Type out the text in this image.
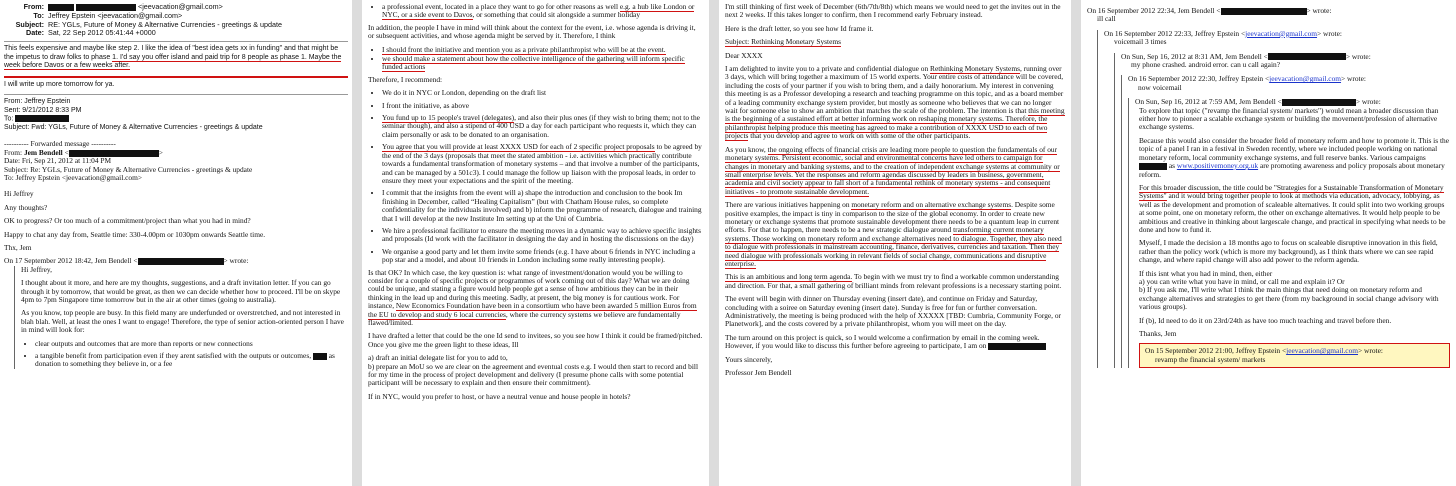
From:	<jeevacation@gmail.com>
To: Jeffrey Epstein <jeevacation@gmail.com>
Subject: RE: YGLs, Future of Money & Alternative Currencies - greetings & update
Date: Sat, 22 Sep 2012 05:41:44 +0000

This feels expensive and maybe like step 2. I like the idea of "best idea gets xx in funding" and that might be the impetus to draw folks to phase 1. I'd say you offer island and paid trip for 8 people as phase 1. Maybe the week before Davos or a few weeks after.

I will write up more tomorrow for ya.

From: Jeffrey Epstein
Sent: 9/21/2012 8:33 PM
To:
Subject: Fwd: YGLs, Future of Money & Alternative Currencies - greetings & update
---------- Forwarded message ----------
From: Jem Bendell <	>
Date: Fri, Sep 21, 2012 at 11:04 PM
Subject: Re: YGLs, Future of Money & Alternative Currencies - greetings & update
To: Jeffrey Epstein <jeevacation@gmail.com>

Hi Jeffrey

Any thoughts?

OK to progress? Or too much of a commitment/project than what you had in mind?

Happy to chat any day from, Seattle time: 330-4.00pm or 1030pm onwards Seattle time.

Thx, Jem

On 17 September 2012 18:42, Jem Bendell <	> wrote:

Hi Jeffrey,

I thought about it more, and here are my thoughts, suggestions, and a draft invitation letter. If you can go through it by tomorrow, that would be great, as then we can decide whether how to proceed. I'll be on skype 4pm to 7pm Singapore time tomorrow but in the air at other times (going to australia).

As you know, top people are busy. In this field many are underfunded or overstretched, and not interested in blah blah. Well, at least the ones I want to engage! Therefore, the type of senior action-oriented person I have in mind will look for:

• clear outputs and outcomes that are more than reports or new connections
• a tangible benefit from participation even if they arent satisfied with the outputs or outcomes, as donation to something they believe in, or a fee
• a professional event, located in a place they want to go for other reasons as well e.g. a hub like London or NYC, or a side event to Davos, or something that could sit alongside a summer holiday

In addition, the people I have in mind will think about the context for the event, i.e. whose agenda is driving it, or subsequent activities, and whose agenda might be served by it. Therefore, I think

• I should front the initiative and mention you as a private philanthropist who will be at the event.
• we should make a statement about how the collective intelligence of the gathering will inform specific funded actions

Therefore, I recommend:

• We do it in NYC or London, depending on the draft list
• I front the initiative, as above
• You fund up to 15 people's travel (delegates), and also their plus ones (if they wish to bring them; not to the seminar though), and also a stipend of 400 USD a day for each participant who requests it, which they can claim personally or ask to be donated to an organisation.
• You agree that you will provide at least XXXX USD for each of 2 specific project proposals to be agreed by the end of the 3 days (proposals that meet the stated ambition - i.e. activities which practically contribute towards a fundamental transformation of monetary systems – and that involve a number of the participants, and can be managed by a 501c3). I could manage the follow up liaison with the proposal leads, in order to ensure they meet your expectations and the spirit of the meeting.
• I commit that the insights from the event will a) shape the introduction and conclusion to the book Im finishing in December, called “Healing Capitalism” (but with Chatham House rules, so complete confidentiality for the individuals involved) and b) inform the programme of research, dialogue and training that I will develop at the new Institute Im setting up at the Uni of Cumbria.
• We hire a professional facilitator to ensure the meeting moves in a dynamic way to achieve specific insights and proposals (Id work with the facilitator in designing the day and in hosting the discussions on the day)
• We organise a good party and let them invite some friends (e.g. I have about 6 friends in NYC including a pop star and a model, and about 10 friends in London including some really interesting people).

Is that OK? In which case, the key question is: what range of investment/donation would you be willing to consider for a couple of specific projects or programmes of work coming out of this day? What we are doing could be unique, and stating a figure would help people get a sense of how ambitious they can be in their thinking in the lead up and during this meeting. Sadly, at present, the big money is for cautious work. For instance, New Economics Foundation have been in a consortium who have been awarded 5 million Euros from the EU to develop and study 6 local currencies, where the currency systems we believe are fundamentally flawed/limited.

I have drafted a letter that could be the one Id send to invitees, so you see how I think it could be framed/pitched. Once you give me the green light to these ideas, Ill

a) draft an initial delegate list for you to add to,

b) prepare an MoU so we are clear on the agreement and eventual costs e.g. I would then start to record and bill for my time in the process of project development and delivery (I presume phone calls with some potential participant will be necessary to explain and then ensure their commitment).

If in NYC, would you prefer to host, or have a neutral venue and house people in hotels?

I'm still thinking of first week of December (6th/7th/8th) which means we would need to get the invites out in the next 2 weeks. If this takes longer to confirm, then I recommend early February instead.

Here is the draft letter, so you see how Id frame it.

Subject: Rethinking Monetary Systems

Dear XXXX

I am delighted to invite you to a private and confidential dialogue on Rethinking Monetary Systems, running over 3 days, which will bring together a maximum of 15 world experts. Your entire costs of attendance will be covered, including the costs of your partner if you wish to bring them, and a daily honorarium. My interest in convening this meeting is as a Professor developing a research and teaching programme on this topic, and as a board member of a leading community exchange system provider, but mostly as someone who believes that we can no longer wait for someone else to show an ambition that matches the scale of the problem. The intention is that this meeting is the beginning of a sustained effort at better informing work on reshaping monetary systems. Therefore, the philanthropist helping produce this meeting has agreed to make a contribution of XXXX USD to each of two projects that you develop and agree to work on with some of the other participants.

As you know, the ongoing effects of financial crisis are leading more people to question the fundamentals of our monetary systems. Persistent economic, social and environmental concerns have led others to campaign for changes in monetary and banking systems, and to the creation of independent exchange systems at community or small enterprise levels. Yet the responses and reform agendas discussed by leaders in business, government, academia and civil society appear to fall short of a fundamental rethink of monetary systems - and consequent initiatives - to promote sustainable development.

There are various initiatives happening on monetary reform and on alternative exchange systems. Despite some positive examples, the impact is tiny in comparison to the size of the global economy. In order to create new monetary or exchange systems that promote sustainable development there needs to be a quantum leap in current efforts. For that to happen, there needs to be a new strategic dialogue around transforming current monetary systems. Those working on monetary reform and exchange alternatives need to dialogue. Together, they also need to dialogue with professionals in mainstream accounting, finance, derivatives, currencies and taxation. Then they need dialogue with professionals working in relevant fields of social change, communications and disruptive enterprise.

This is an ambitious and long term agenda. To begin with we must try to find a workable common understanding and direction. For that, a small gathering of brilliant minds from relevant professions is a necessary starting point.

The event will begin with dinner on Thursday evening (insert date), and continue on Friday and Saturday, concluding with a soiree on Saturday evening (insert date). Sunday is free for fun or further conversation. Administratively, the meeting is being produced with the help of XXXXX [TBD: Cumbria, Community Forge, or Planetwork], and the costs covered by a private philanthropist, whom you will meet on the day.

The turn around on this project is quick, so I would welcome a confirmation by email in the coming week. However, if you would like to discuss this further before agreeing to participate, I am on

Yours sincerely,

Professor Jem Bendell

On 16 September 2012 22:34, Jem Bendell <	> wrote:
ill call
On 16 September 2012 22:33, Jeffrey Epstein <jeevacation@gmail.com> wrote:
voicemail 3 times
On Sun, Sep 16, 2012 at 8:31 AM, Jem Bendell <	> wrote:
my phone crashed. android error. can u call again?
On 16 September 2012 22:30, Jeffrey Epstein <jeevacation@gmail.com> wrote:
now voicemail
On Sun, Sep 16, 2012 at 7:59 AM, Jem Bendell <	> wrote:

To explore that topic ("revamp the financial system/ markets") would mean a broader discussion than either how to pioneer a scalable exchange system or building the movement/profession of alternative exchange systems.

Because this would also consider the broader field of monetary reform and how to promote it. This is the topic of a panel I ran in a festival in Sweden recently, where we included people working on national monetary reform, local community exchange systems, and full reserve banks. Various campaigns  as www.positivemoney.org.uk are promoting awareness and policy proposals about monetary reform.

For this broader discussion, the title could be "Strategies for a Sustainable Transformation of Monetary Systems" and it would bring together people to look at methods via education, advocacy, lobbying, as well as the development and promotion of scaleable alternatives. It could split into two working groups at some point, one on monetary reform, the other on exchange alternatives. It would help people to be ambitious and creative in thinking about largescale change, and practical in specifying what needs to be done and how to fund it.

Myself, I made the decision a 18 months ago to focus on scaleable disruptive innovation in this field, rather than the policy work (which is more my background), as I think thats where we can see rapid change, and where rapid change will also add power to the reform agenda.

If this isnt what you had in mind, then, either

a) you can write what you have in mind, or call me and explain it? Or

b) If you ask me, I'll write what I think the main things that need doing on monetary reform and exchange alternatives and strategies to get there (from my background in social change advisory with various groups).

If (b), Id need to do it on 23rd/24th as have too much teaching and travel before then.

Thanks, Jem

On 15 September 2012 21:00, Jeffrey Epstein <jeevacation@gmail.com> wrote:
revamp the financial system/ markets
